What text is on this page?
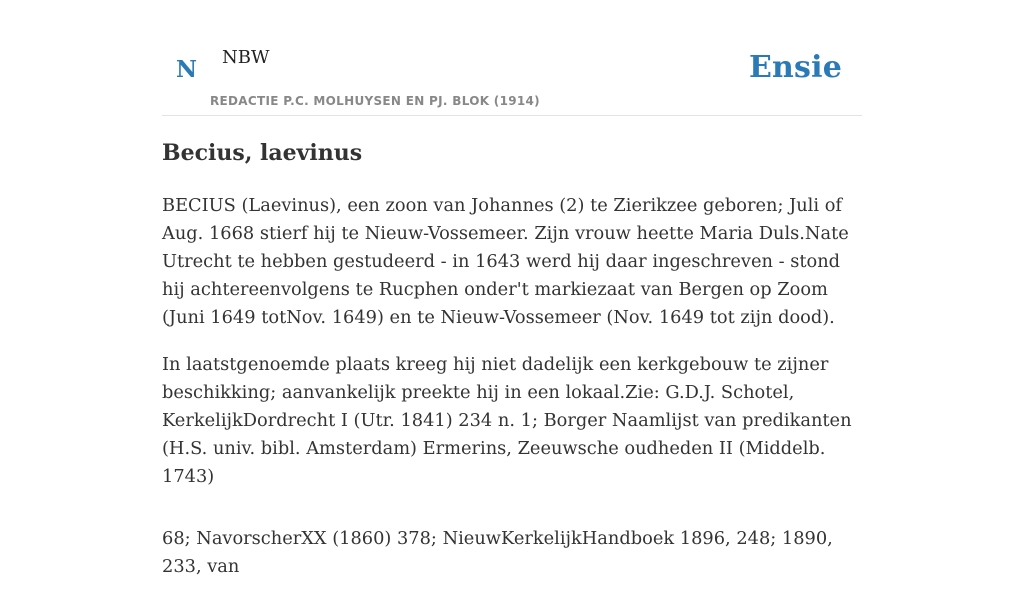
N NBW	Ensie
REDACTIE P.C. MOLHUYSEN EN PJ. BLOK (1914)
Becius, laevinus

BECIUS (Laevinus), een zoon van Johannes (2) te Zierikzee geboren; Juli of Aug. 1668 stierf hij te Nieuw-Vossemeer. Zijn vrouw heette Maria Duls.Nate Utrecht te hebben gestudeerd - in 1643 werd hij daar ingeschreven - stond hij achtereenvolgens te Rucphen onder't markiezaat van Bergen op Zoom (Juni 1649 totNov. 1649) en te Nieuw-Vossemeer (Nov. 1649 tot zijn dood).

In laatstgenoemde plaats kreeg hij niet dadelijk een kerkgebouw te zijner beschikking; aanvankelijk preekte hij in een lokaal.Zie: G.D.J. Schotel, KerkelijkDordrecht I (Utr. 1841) 234 n. 1; Borger Naamlijst van predikanten (H.S. univ. bibl. Amsterdam) Ermerins, Zeeuwsche oudheden II (Middelb. 1743)

68; NavorscherXX (1860) 378; NieuwKerkelijkHandboek 1896, 248; 1890, 233, van
